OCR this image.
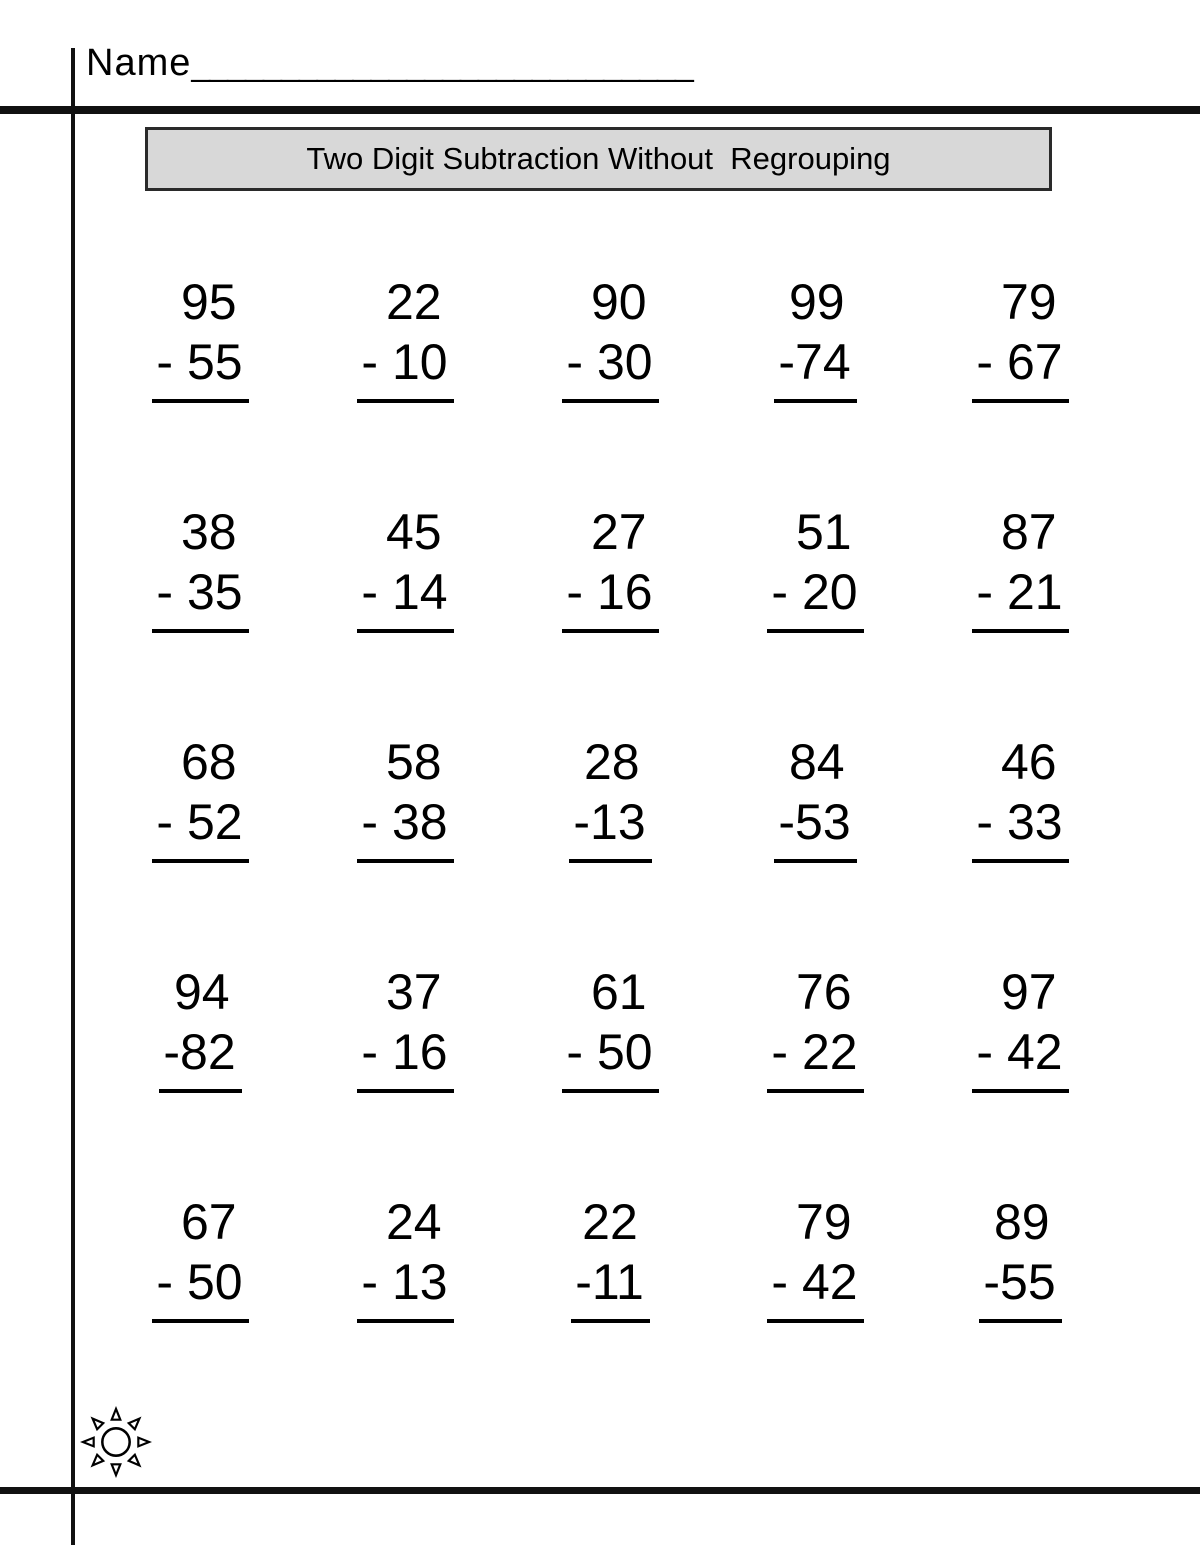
Name____________________________
Two Digit Subtraction Without  Regrouping
95
- 55
22
- 10
90
- 30
99
-74
79
- 67
38
- 35
45
- 14
27
- 16
51
- 20
87
- 21
68
- 52
58
- 38
28
-13
84
-53
46
- 33
94
-82
37
- 16
61
- 50
76
- 22
97
- 42
67
- 50
24
- 13
22
-11
79
- 42
89
-55
